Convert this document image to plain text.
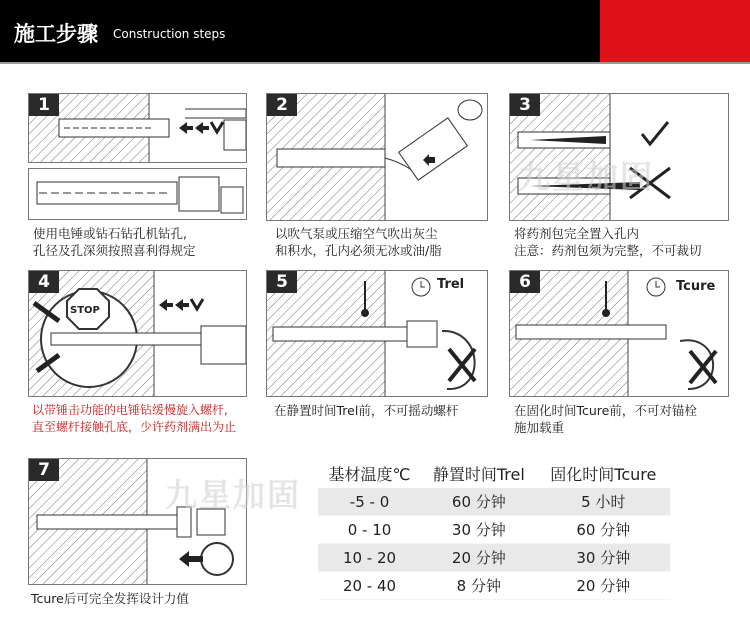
施工步骤 Construction steps
1
使用电锤或钻石钻孔机钻孔,
孔径及孔深须按照喜利得规定
2
以吹气泵或压缩空气吹出灰尘
和积水，孔内必须无冰或油/脂
3
九星加固
将药剂包完全置入孔内
注意：药剂包须为完整，不可裁切
4
STOP
以带锤击功能的电锤钻缓慢旋入螺杆,
直至螺杆接触孔底，少许药剂满出为止
5	Trel
在静置时间Trel前，不可摇动螺杆
6	Tcure
在固化时间Tcure前，不可对锚栓
施加载重
7
九星加固
Tcure后可完全发挥设计力值
基材温度℃	静置时间Trel	固化时间Tcure
-5 - 0	60 分钟	5 小时
0 - 10	30 分钟	60 分钟
10 - 20	20 分钟	30 分钟
20 - 40	8 分钟	20 分钟
